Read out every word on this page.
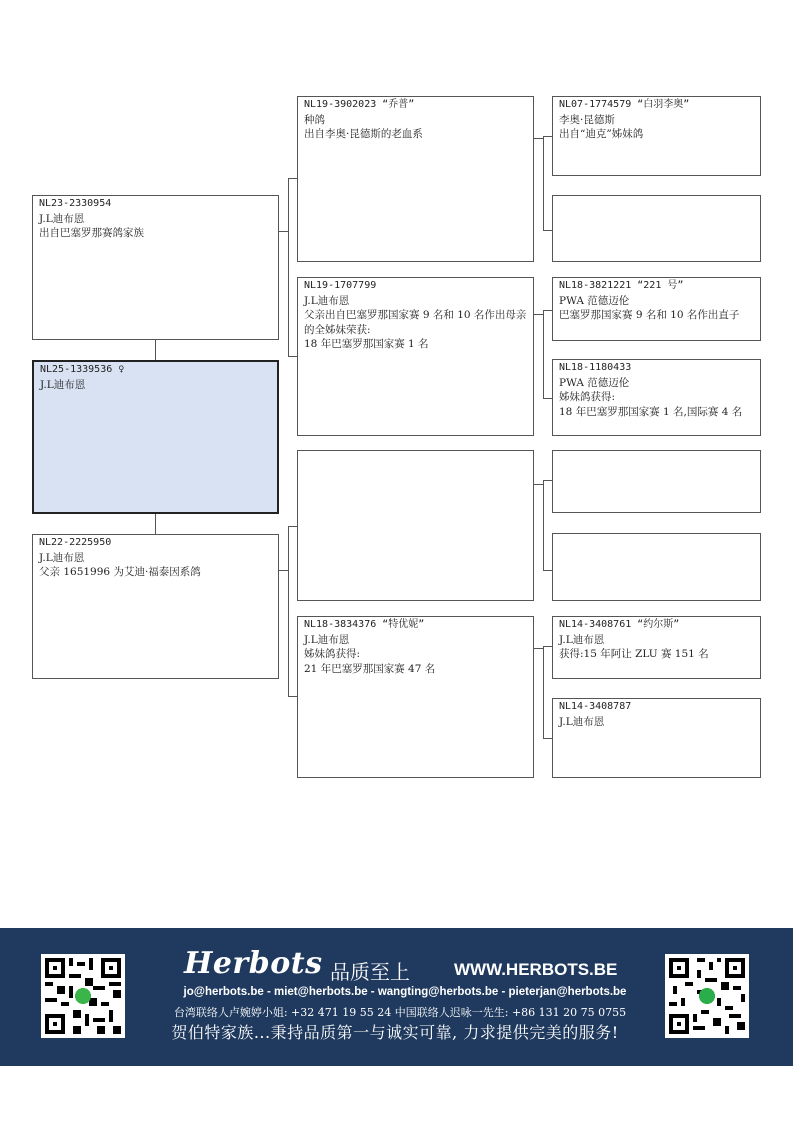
NL23-2330954
J.L迪布恩
出自巴塞罗那赛鸽家族
NL25-1339536 ♀
J.L迪布恩
NL22-2225950
J.L迪布恩
父亲 1651996 为艾迪·福泰因系鸽
NL19-3902023 “乔普”
种鸽
出自李奥·昆德斯的老血系
NL19-1707799
J.L迪布恩
父亲出自巴塞罗那国家赛 9 名和 10 名作出母亲的全姊妹荣获:
18 年巴塞罗那国家赛 1 名
NL18-3834376 “特优妮”
J.L迪布恩
姊妹鸽获得:
21 年巴塞罗那国家赛 47 名
NL07-1774579 “白羽李奥”
李奥·昆德斯
出自“迪克”姊妹鸽
NL18-3821221 “221 号”
PWA 范德迈伦
巴塞罗那国家赛 9 名和 10 名作出直子
NL18-1180433
PWA 范德迈伦
姊妹鸽获得:
18 年巴塞罗那国家赛 1 名,国际赛 4 名
NL14-3408761 “约尔斯”
J.L迪布恩
获得:15 年阿让 ZLU 赛 151 名
NL14-3408787
J.L迪布恩
Herbots 品质至上	WWW.HERBOTS.BE
jo@herbots.be - miet@herbots.be - wangting@herbots.be - pieterjan@herbots.be
台湾联络人卢婉婷小姐: +32 471 19 55 24 中国联络人迟咏一先生: +86 131 20 75 0755
贺伯特家族...秉持品质第一与诚实可靠, 力求提供完美的服务!
